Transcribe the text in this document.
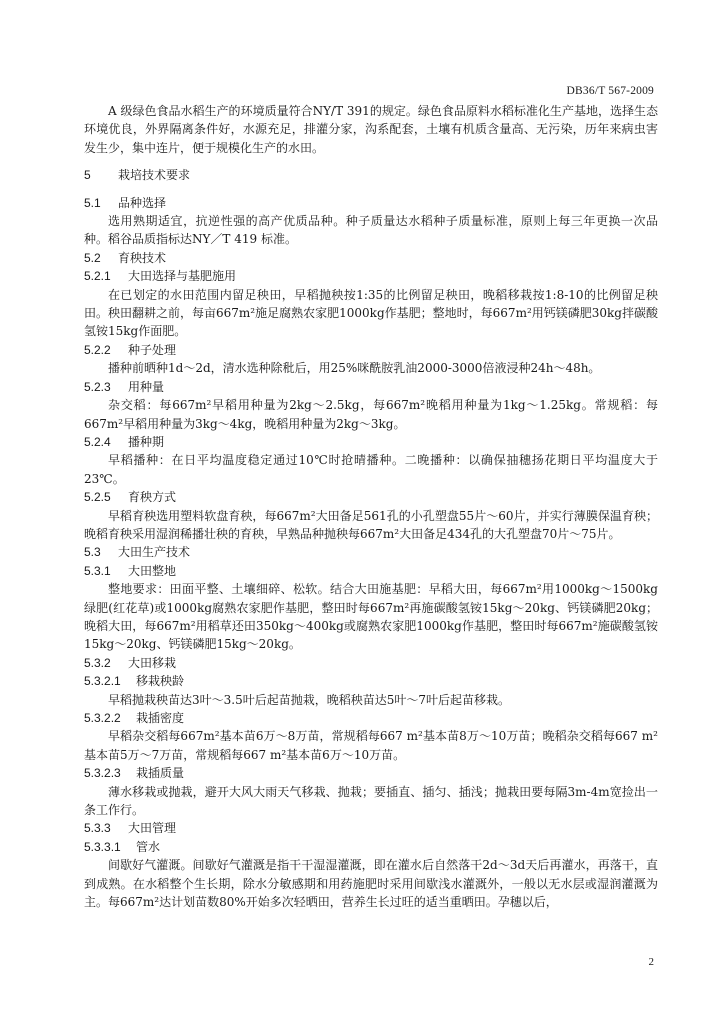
DB36/T 567-2009

A 级绿色食品水稻生产的环境质量符合NY/T 391的规定。绿色食品原料水稻标准化生产基地，选择生态环境优良，外界隔离条件好，水源充足，排灌分家，沟系配套，土壤有机质含量高、无污染，历年来病虫害发生少，集中连片，便于规模化生产的水田。

5 栽培技术要求
5.1 品种选择

选用熟期适宜，抗逆性强的高产优质品种。种子质量达水稻种子质量标准，原则上每三年更换一次品种。稻谷品质指标达NY／T 419 标准。

5.2 育秧技术
5.2.1 大田选择与基肥施用

在已划定的水田范围内留足秧田，早稻抛秧按1:35的比例留足秧田，晚稻移栽按1:8-10的比例留足秧田。秧田翻耕之前，每亩667m²施足腐熟农家肥1000kg作基肥；整地时，每667m²用钙镁磷肥30kg拌碳酸氢铵15kg作面肥。

5.2.2 种子处理

播种前晒种1d～2d，清水选种除秕后，用25%咪酰胺乳油2000-3000倍液浸种24h～48h。

5.2.3 用种量

杂交稻：每667m²早稻用种量为2kg～2.5kg，每667m²晚稻用种量为1kg～1.25kg。常规稻：每667m²早稻用种量为3kg～4kg，晚稻用种量为2kg～3kg。

5.2.4 播种期

早稻播种：在日平均温度稳定通过10℃时抢晴播种。二晚播种：以确保抽穗扬花期日平均温度大于23℃。

5.2.5 育秧方式

早稻育秧选用塑料软盘育秧，每667m²大田备足561孔的小孔塑盘55片～60片，并实行薄膜保温育秧；晚稻育秧采用湿润稀播壮秧的育秧，早熟品种抛秧每667m²大田备足434孔的大孔塑盘70片～75片。

5.3 大田生产技术
5.3.1 大田整地

整地要求：田面平整、土壤细碎、松软。结合大田施基肥：早稻大田，每667m²用1000kg～1500kg绿肥(红花草)或1000kg腐熟农家肥作基肥，整田时每667m²再施碳酸氢铵15kg～20kg、钙镁磷肥20kg；晚稻大田，每667m²用稻草还田350kg～400kg或腐熟农家肥1000kg作基肥，整田时每667m²施碳酸氢铵15kg～20kg、钙镁磷肥15kg～20kg。

5.3.2 大田移栽
5.3.2.1 移栽秧龄

早稻抛栽秧苗达3叶～3.5叶后起苗抛栽，晚稻秧苗达5叶～7叶后起苗移栽。

5.3.2.2 栽插密度

早稻杂交稻每667m²基本苗6万～8万苗，常规稻每667 m²基本苗8万～10万苗；晚稻杂交稻每667 m²基本苗5万～7万苗，常规稻每667 m²基本苗6万～10万苗。

5.3.2.3 栽插质量

薄水移栽或抛栽，避开大风大雨天气移栽、抛栽；要插直、插匀、插浅；抛栽田要每隔3m-4m宽捡出一条工作行。

5.3.3 大田管理
5.3.3.1 管水

间歇好气灌溉。间歇好气灌溉是指干干湿湿灌溉，即在灌水后自然落干2d～3d天后再灌水，再落干，直到成熟。在水稻整个生长期，除水分敏感期和用药施肥时采用间歇浅水灌溉外，一般以无水层或湿润灌溉为主。每667m²达计划苗数80%开始多次轻晒田，营养生长过旺的适当重晒田。孕穗以后，

2
